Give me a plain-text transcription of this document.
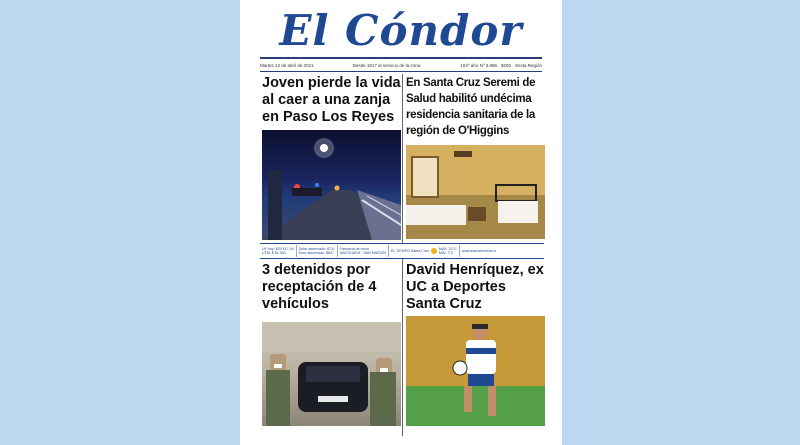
El Cóndor
Martes 13 de abril de 2021	Desde 1917 al servicio de la zona.	104º año Nº 3.886 · $200 · Sexta Región
Joven pierde la vida al caer a una zanja en Paso Los Reyes
En Santa Cruz Seremi de Salud habilitó undécima residencia sanitaria de la región de O'Higgins
UF hoy: $29.417,49
UTM: $ 51.393
Dólar observado: $711
Euro observado: $847
Farmacia de turno
SANTA AÍDA · SAN MARCÍN EL TIEMPO Santa Cruz	MÁX: 24°C
MÍN: 7°C	www.diarioelcondor.cl
3 detenidos por receptación de 4 vehículos
David Henríquez, ex UC a Deportes Santa Cruz
